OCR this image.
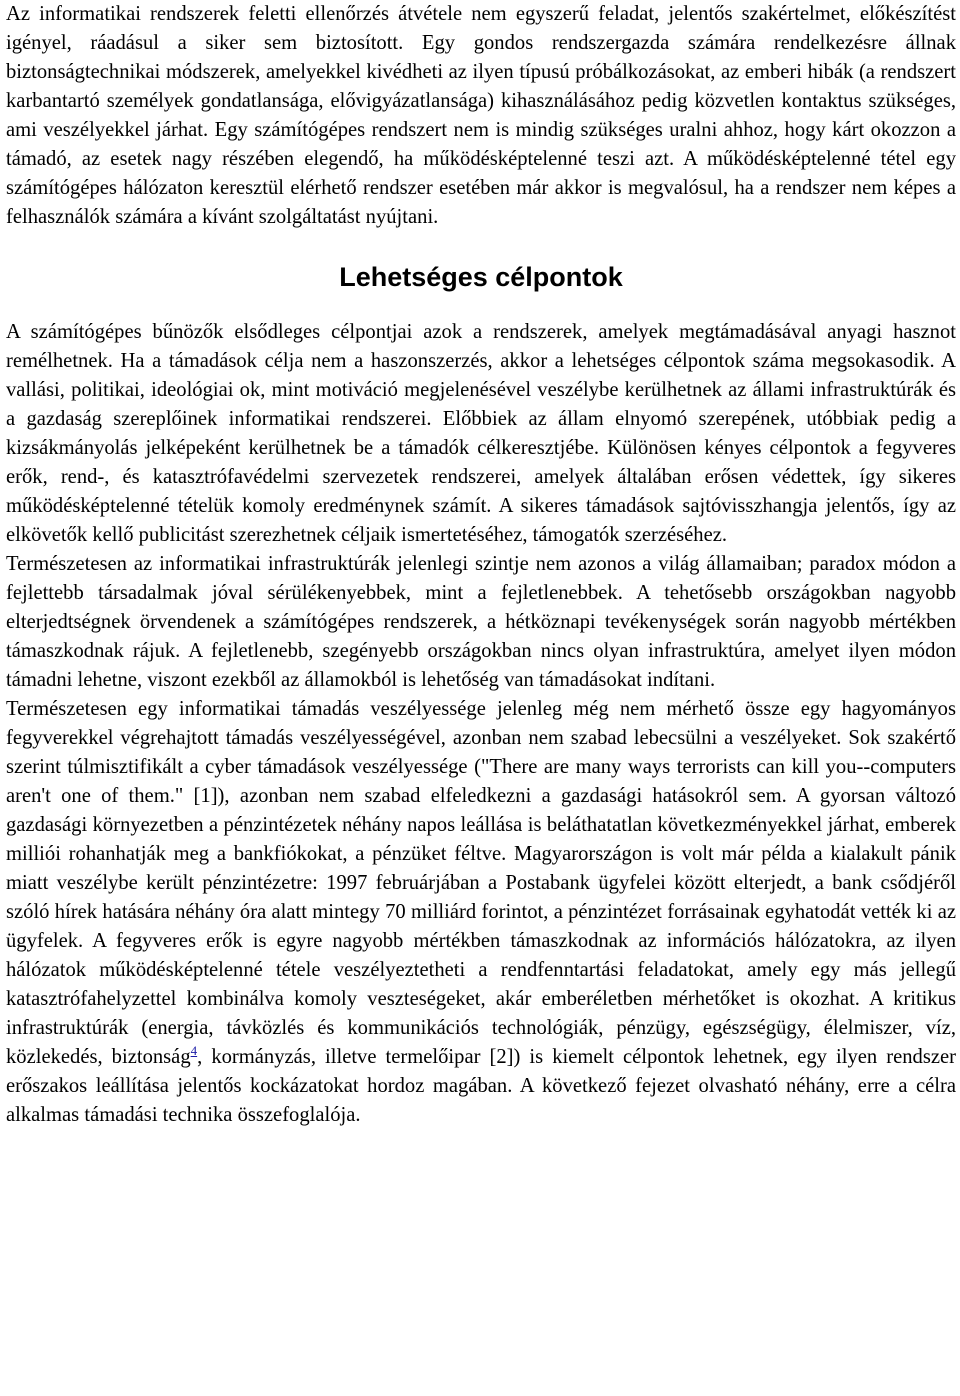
Az informatikai rendszerek feletti ellenőrzés átvétele nem egyszerű feladat, jelentős szakértelmet, előkészítést igényel, ráadásul a siker sem biztosított. Egy gondos rendszergazda számára rendelkezésre állnak biztonságtechnikai módszerek, amelyekkel kivédheti az ilyen típusú próbálkozásokat, az emberi hibák (a rendszert karbantartó személyek gondatlansága, elővigyázatlansága) kihasználásához pedig közvetlen kontaktus szükséges, ami veszélyekkel járhat. Egy számítógépes rendszert nem is mindig szükséges uralni ahhoz, hogy kárt okozzon a támadó, az esetek nagy részében elegendő, ha működésképtelenné teszi azt. A működésképtelenné tétel egy számítógépes hálózaton keresztül elérhető rendszer esetében már akkor is megvalósul, ha a rendszer nem képes a felhasználók számára a kívánt szolgáltatást nyújtani.

Lehetséges célpontok

A számítógépes bűnözők elsődleges célpontjai azok a rendszerek, amelyek megtámadásával anyagi hasznot remélhetnek. Ha a támadások célja nem a haszonszerzés, akkor a lehetséges célpontok száma megsokasodik. A vallási, politikai, ideológiai ok, mint motiváció megjelenésével veszélybe kerülhetnek az állami infrastruktúrák és a gazdaság szereplőinek informatikai rendszerei. Előbbiek az állam elnyomó szerepének, utóbbiak pedig a kizsákmányolás jelképeként kerülhetnek be a támadók célkeresztjébe. Különösen kényes célpontok a fegyveres erők, rend-, és katasztrófavédelmi szervezetek rendszerei, amelyek általában erősen védettek, így sikeres működésképtelenné tételük komoly eredménynek számít. A sikeres támadások sajtóvisszhangja jelentős, így az elkövetők kellő publicitást szerezhetnek céljaik ismertetéséhez, támogatók szerzéséhez.

Természetesen az informatikai infrastruktúrák jelenlegi szintje nem azonos a világ államaiban; paradox módon a fejlettebb társadalmak jóval sérülékenyebbek, mint a fejletlenebbek. A tehetősebb országokban nagyobb elterjedtségnek örvendenek a számítógépes rendszerek, a hétköznapi tevékenységek során nagyobb mértékben támaszkodnak rájuk. A fejletlenebb, szegényebb országokban nincs olyan infrastruktúra, amelyet ilyen módon támadni lehetne, viszont ezekből az államokból is lehetőség van támadásokat indítani.

Természetesen egy informatikai támadás veszélyessége jelenleg még nem mérhető össze egy hagyományos fegyverekkel végrehajtott támadás veszélyességével, azonban nem szabad lebecsülni a veszélyeket. Sok szakértő szerint túlmisztifikált a cyber támadások veszélyessége ("There are many ways terrorists can kill you--computers aren't one of them." [1]), azonban nem szabad elfeledkezni a gazdasági hatásokról sem. A gyorsan változó gazdasági környezetben a pénzintézetek néhány napos leállása is beláthatatlan következményekkel járhat, emberek milliói rohanhatják meg a bankfiókokat, a pénzüket féltve. Magyarországon is volt már példa a kialakult pánik miatt veszélybe került pénzintézetre: 1997 februárjában a Postabank ügyfelei között elterjedt, a bank csődjéről szóló hírek hatására néhány óra alatt mintegy 70 milliárd forintot, a pénzintézet forrásainak egyhatodát vették ki az ügyfelek. A fegyveres erők is egyre nagyobb mértékben támaszkodnak az információs hálózatokra, az ilyen hálózatok működésképtelenné tétele veszélyeztetheti a rendfenntartási feladatokat, amely egy más jellegű katasztrófahelyzettel kombinálva komoly veszteségeket, akár emberéletben mérhetőket is okozhat. A kritikus infrastruktúrák (energia, távközlés és kommunikációs technológiák, pénzügy, egészségügy, élelmiszer, víz, közlekedés, biztonság$^4$, kormányzás, illetve termelőipar [2]) is kiemelt célpontok lehetnek, egy ilyen rendszer erőszakos leállítása jelentős kockázatokat hordoz magában. A következő fejezet olvasható néhány, erre a célra alkalmas támadási technika összefoglalója.
